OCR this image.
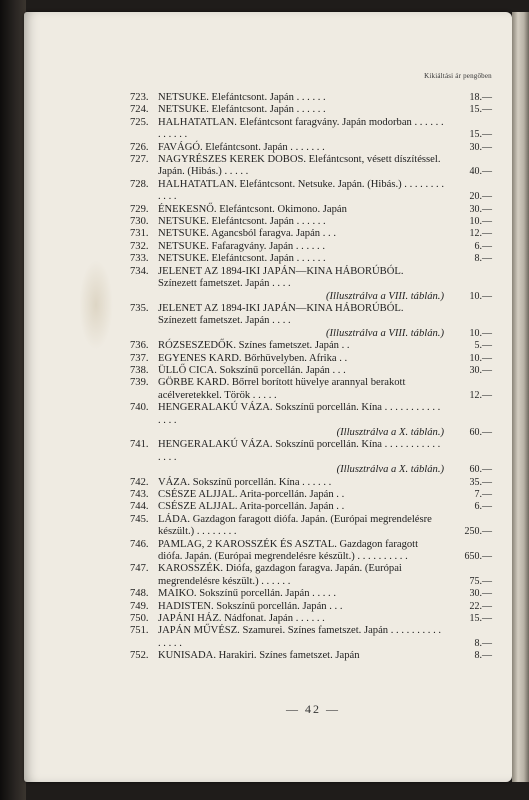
Kikiáltási ár pengőben
723. NETSUKE. Elefántcsont. Japán . . . . . .	18.—
724. NETSUKE. Elefántcsont. Japán . . . . . .	15.—
725. HALHATATLAN. Elefántcsont faragvány. Japán modorban . . . . . . . . . . . .	15.—
726. FAVÁGÓ. Elefántcsont. Japán . . . . . . .	30.—
727. NAGYRÉSZES KEREK DOBOS. Elefántcsont, vésett díszítéssel. Japán. (Hibás.) . . . . .	40.—
728. HALHATATLAN. Elefántcsont. Netsuke. Japán. (Hibás.) . . . . . . . . . . . .	20.—
729. ÉNEKESNŐ. Elefántcsont. Okimono. Japán	30.—
730. NETSUKE. Elefántcsont. Japán . . . . . .	10.—
731. NETSUKE. Agancsból faragva. Japán . . .	12.—
732. NETSUKE. Fafaragvány. Japán . . . . . .	6.—
733. NETSUKE. Elefántcsont. Japán . . . . . .	8.—
734. JELENET AZ 1894-IKI JAPÁN—KINA HÁBORÚBÓL. Színezett fametszet. Japán . . . .
(Illusztrálva a VIII. táblán.)	10.—
735. JELENET AZ 1894-IKI JAPÁN—KINA HÁBORÚBÓL. Színezett fametszet. Japán . . . .
(Illusztrálva a VIII. táblán.)	10.—
736. RÓZSESZEDŐK. Színes fametszet. Japán . .	5.—
737. EGYENES KARD. Bőrhüvelyben. Afrika . .	10.—
738. ÜLLŐ CICA. Sokszínű porcellán. Japán . . .	30.—
739. GÖRBE KARD. Bőrrel borított hüvelye arannyal berakott acélveretekkel. Török . . . . .	12.—
740. HENGERALAKÚ VÁZA. Sokszínű porcellán. Kína . . . . . . . . . . . . . . .
(Illusztrálva a X. táblán.)	60.—
741. HENGERALAKÚ VÁZA. Sokszínű porcellán. Kína . . . . . . . . . . . . . . .
(Illusztrálva a X. táblán.)	60.—
742. VÁZA. Sokszínű porcellán. Kína . . . . . .	35.—
743. CSÉSZE ALJJAL. Arita-porcellán. Japán . .	7.—
744. CSÉSZE ALJJAL. Arita-porcellán. Japán . .	6.—
745. LÁDA. Gazdagon faragott diófa. Japán. (Európai megrendelésre készült.) . . . . . . . .	250.—
746. PAMLAG, 2 KAROSSZÉK ÉS ASZTAL. Gazdagon faragott diófa. Japán. (Európai megrendelésre készült.) . . . . . . . . . .	650.—
747. KAROSSZÉK. Diófa, gazdagon faragva. Japán. (Európai megrendelésre készült.) . . . . . .	75.—
748. MAIKO. Sokszínű porcellán. Japán . . . . .	30.—
749. HADISTEN. Sokszínű porcellán. Japán . . .	22.—
750. JAPÁNI HÁZ. Nádfonat. Japán . . . . . .	15.—
751. JAPÁN MŰVÉSZ. Szamurei. Színes fametszet. Japán . . . . . . . . . . . . . . .	8.—
752. KUNISADA. Harakiri. Színes fametszet. Japán	8.—
— 42 —
